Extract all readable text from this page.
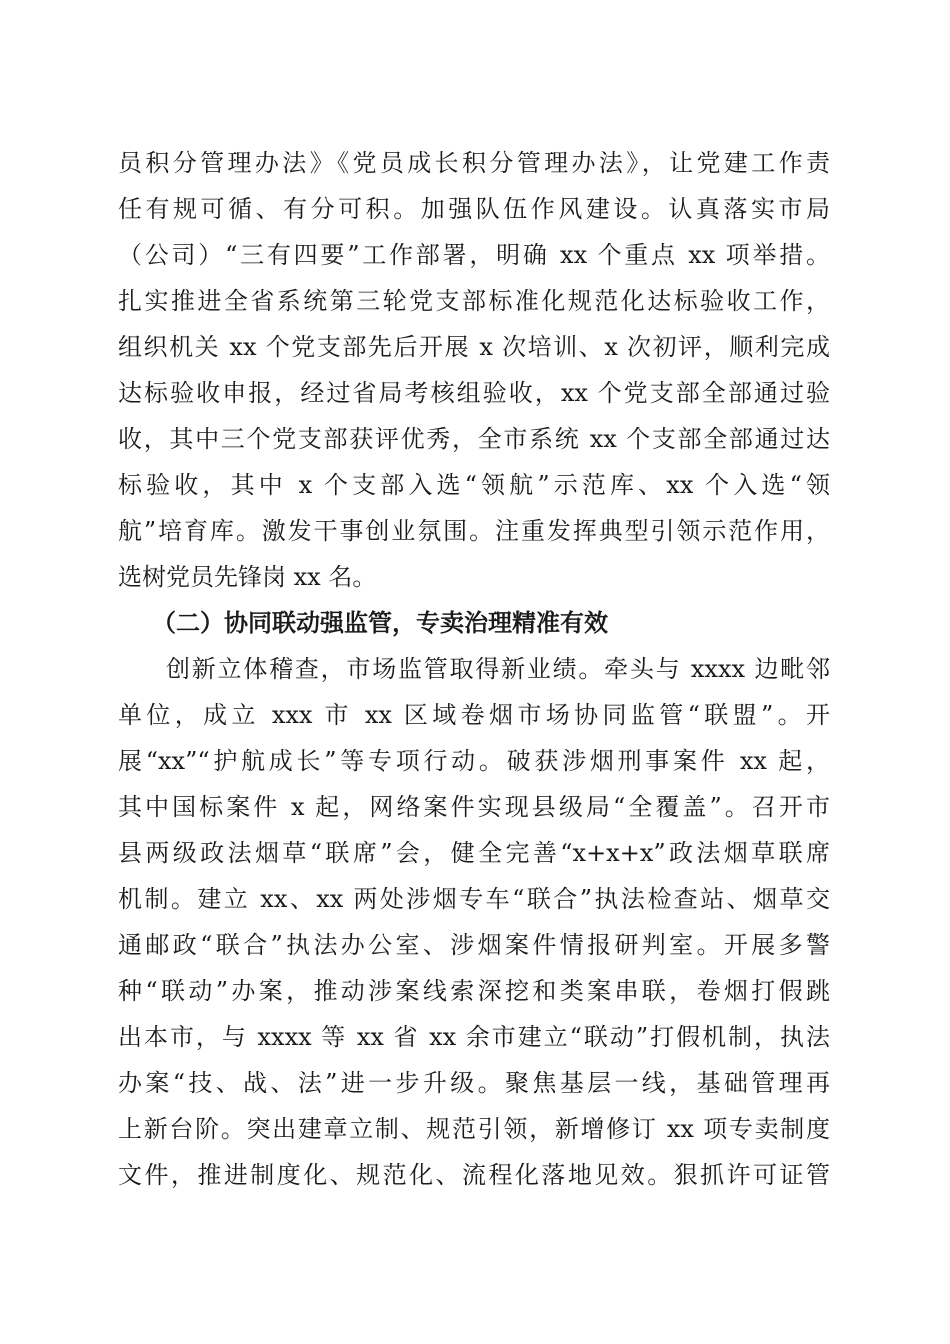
员积分管理办法》《党员成长积分管理办法》，让党建工作责
任有规可循、有分可积。加强队伍作风建设。认真落实市局
（公司）“三有四要”工作部署，明确 xx 个重点 xx 项举措。
扎实推进全省系统第三轮党支部标准化规范化达标验收工作，
组织机关 xx 个党支部先后开展 x 次培训、x 次初评，顺利完成
达标验收申报，经过省局考核组验收，xx 个党支部全部通过验
收，其中三个党支部获评优秀，全市系统 xx 个支部全部通过达
标验收，其中 x 个支部入选“领航”示范库、xx 个入选“领
航”培育库。激发干事创业氛围。注重发挥典型引领示范作用，
选树党员先锋岗 xx 名。
（二）协同联动强监管，专卖治理精准有效
创新立体稽查，市场监管取得新业绩。牵头与 xxxx 边毗邻
单位，成立 xxx 市 xx 区域卷烟市场协同监管“联盟”。开
展“xx”“护航成长”等专项行动。破获涉烟刑事案件 xx 起，
其中国标案件 x 起，网络案件实现县级局“全覆盖”。召开市
县两级政法烟草“联席”会，健全完善“x+x+x”政法烟草联席
机制。建立 xx、xx 两处涉烟专车“联合”执法检查站、烟草交
通邮政“联合”执法办公室、涉烟案件情报研判室。开展多警
种“联动”办案，推动涉案线索深挖和类案串联，卷烟打假跳
出本市，与 xxxx 等 xx 省 xx 余市建立“联动”打假机制，执法
办案“技、战、法”进一步升级。聚焦基层一线，基础管理再
上新台阶。突出建章立制、规范引领，新增修订 xx 项专卖制度
文件，推进制度化、规范化、流程化落地见效。狠抓许可证管
